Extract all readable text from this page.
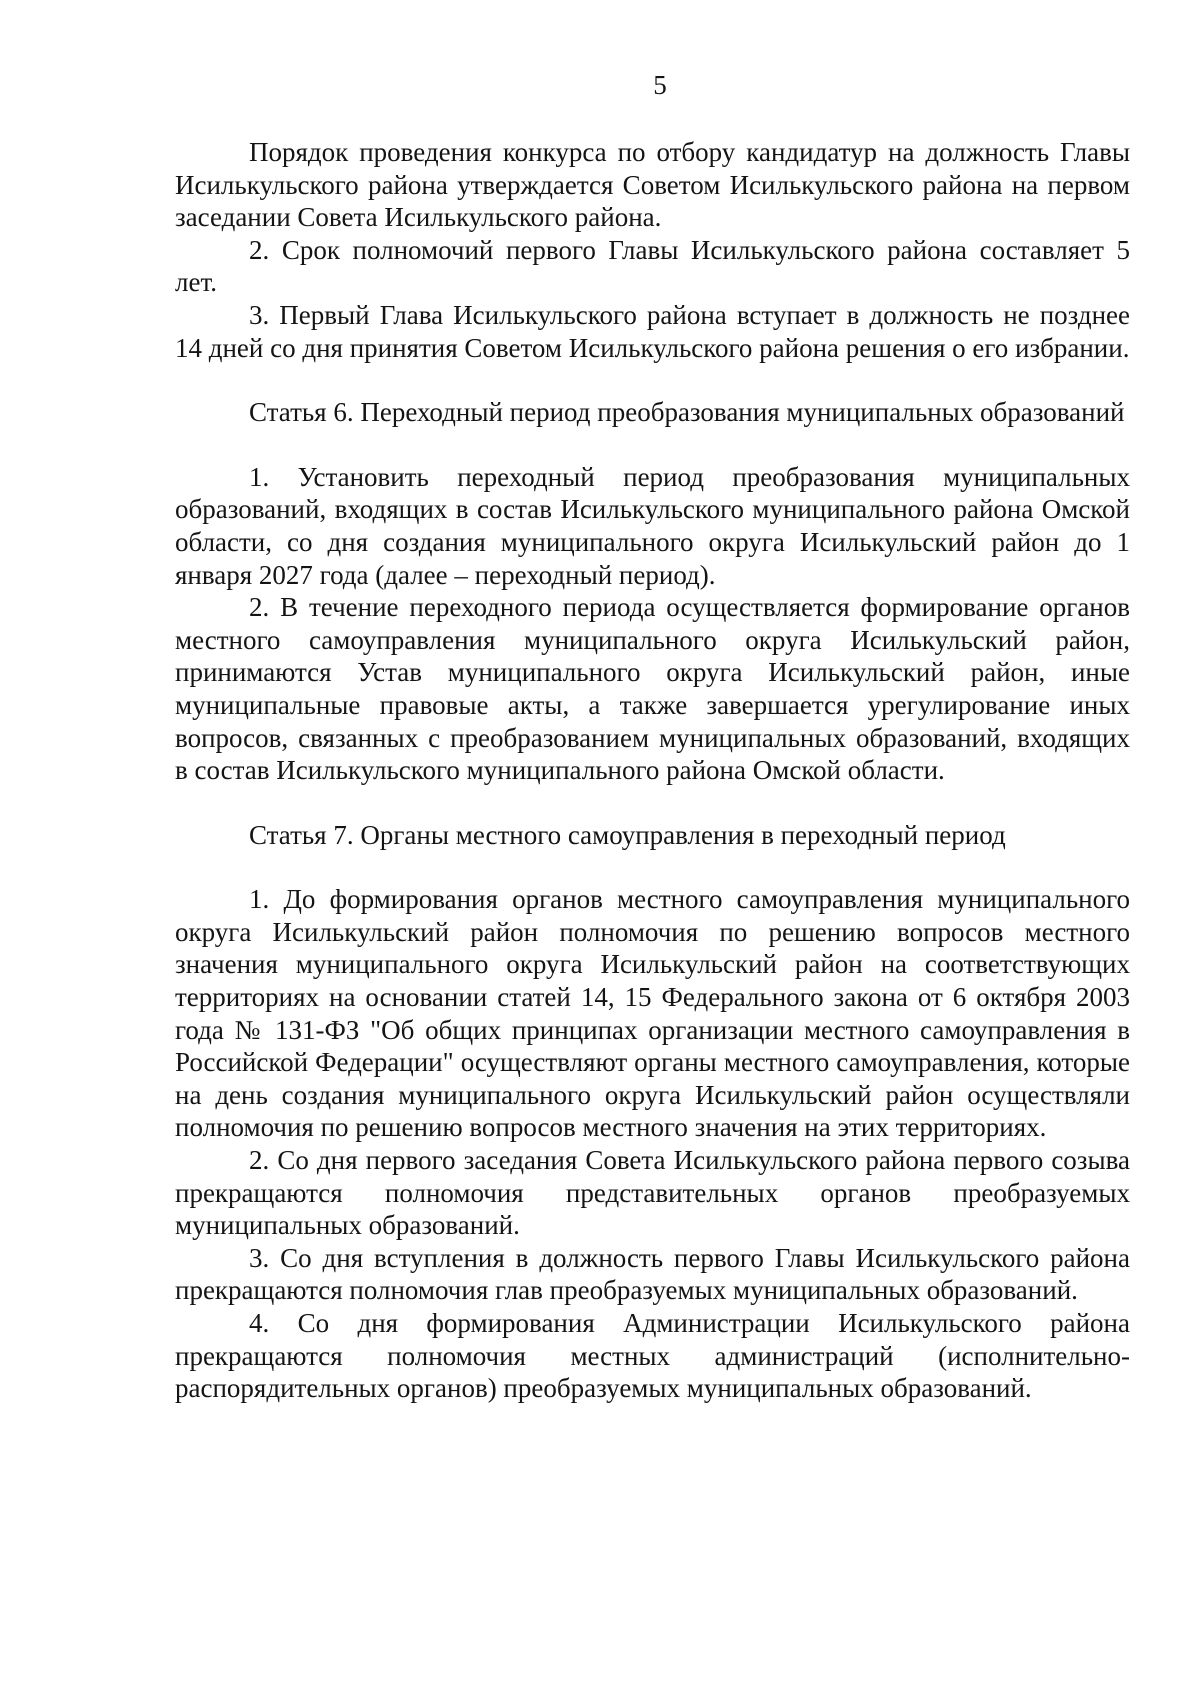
5

Порядок проведения конкурса по отбору кандидатур на должность Главы Исилькульского района утверждается Советом Исилькульского района на первом заседании Совета Исилькульского района.

2. Срок полномочий первого Главы Исилькульского района составляет 5 лет.

3. Первый Глава Исилькульского района вступает в должность не позднее 14 дней со дня принятия Советом Исилькульского района решения о его избрании.

Статья 6. Переходный период преобразования муниципальных образований

1. Установить переходный период преобразования муниципальных образований, входящих в состав Исилькульского муниципального района Омской области, со дня создания муниципального округа Исилькульский район до 1 января 2027 года (далее – переходный период).

2. В течение переходного периода осуществляется формирование органов местного самоуправления муниципального округа Исилькульский район, принимаются Устав муниципального округа Исилькульский район, иные муниципальные правовые акты, а также завершается урегулирование иных вопросов, связанных с преобразованием муниципальных образований, входящих в состав Исилькульского муниципального района Омской области.

Статья 7. Органы местного самоуправления в переходный период

1. До формирования органов местного самоуправления муниципального округа Исилькульский район полномочия по решению вопросов местного значения муниципального округа Исилькульский район на соответствующих территориях на основании статей 14, 15 Федерального закона от 6 октября 2003 года № 131-ФЗ "Об общих принципах организации местного самоуправления в Российской Федерации" осуществляют органы местного самоуправления, которые на день создания муниципального округа Исилькульский район осуществляли полномочия по решению вопросов местного значения на этих территориях.

2. Со дня первого заседания Совета Исилькульского района первого созыва прекращаются полномочия представительных органов преобразуемых муниципальных образований.

3. Со дня вступления в должность первого Главы Исилькульского района прекращаются полномочия глав преобразуемых муниципальных образований.

4. Со дня формирования Администрации Исилькульского района прекращаются полномочия местных администраций (исполнительно-распорядительных органов) преобразуемых муниципальных образований.
